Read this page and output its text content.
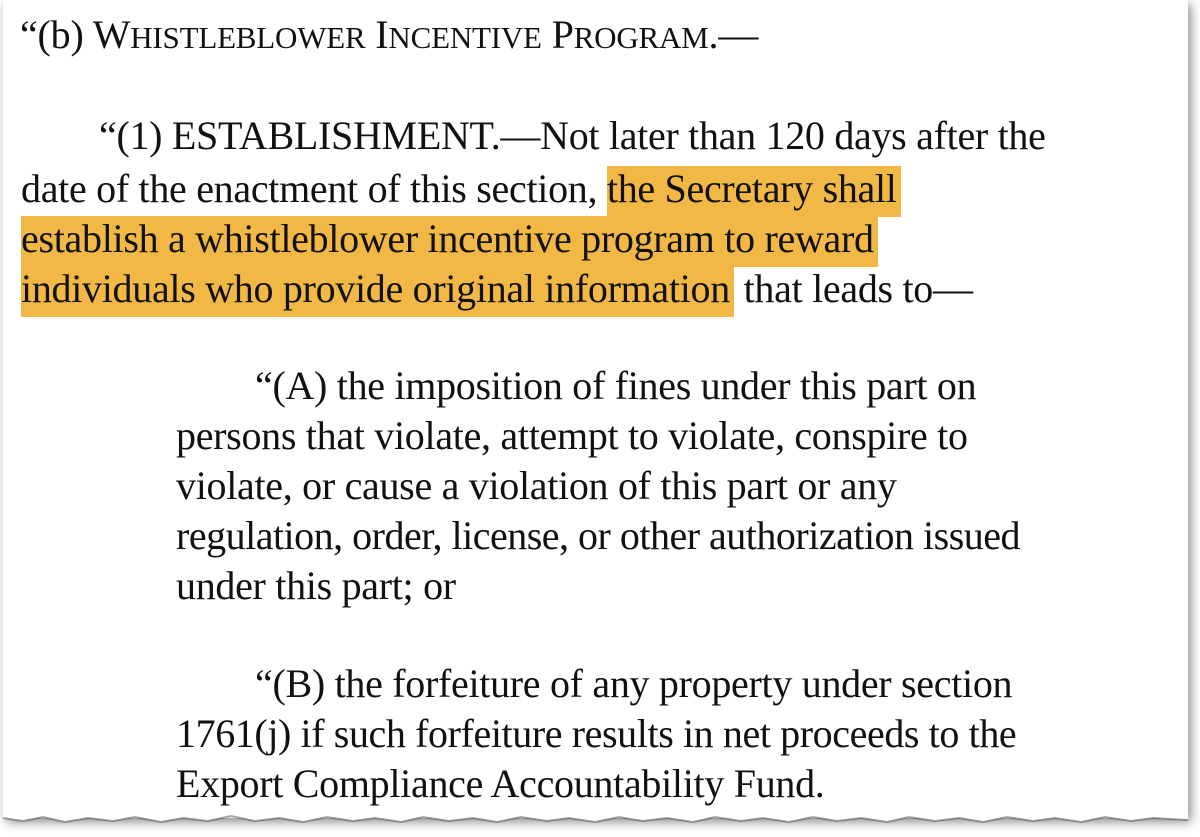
“(b) WHISTLEBLOWER INCENTIVE PROGRAM.—
“(1) ESTABLISHMENT.—Not later than 120 days after the
date of the enactment of this section, the Secretary shall
establish a whistleblower incentive program to reward
individuals who provide original information that leads to—
“(A) the imposition of fines under this part on
persons that violate, attempt to violate, conspire to
violate, or cause a violation of this part or any
regulation, order, license, or other authorization issued
under this part; or
“(B) the forfeiture of any property under section
1761(j) if such forfeiture results in net proceeds to the
Export Compliance Accountability Fund.
